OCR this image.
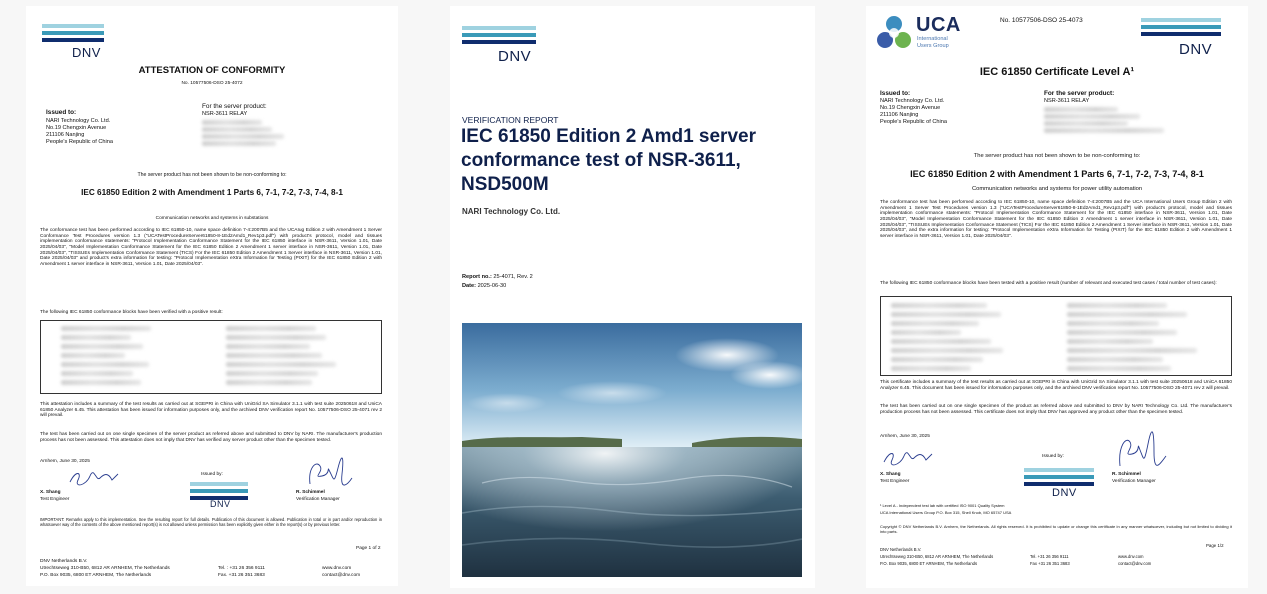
DNV
ATTESTATION OF CONFORMITY
No. 10577506-DSO 25-4072
Issued to:
NARI Technology Co. Ltd.
No.19 Chengxin Avenue
211106 Nanjing
People's Republic of China
For the server product:
NSR-3611 RELAY
The server product has not been shown to be non-conforming to:
IEC 61850 Edition 2 with Amendment 1 Parts 6, 7-1, 7-2, 7-3, 7-4, 8-1
Communication networks and systems in substations
The conformance test has been performed according to IEC 61850-10, name space definition 7-4:2007B5 and the UCAIug Edition 2 with Amendment 1 Server Conformance Test Procedures version 1.3 ("UCATestProcedureServer61850-8-1Ed2Amd1_Rev1p3.pdf") with product's protocol, model and tissues implementation conformance statements: "Protocol Implementation Conformance Statement for the IEC 61850 interface in NSR-3611, Version 1.01, Date 2025/04/03", "Model Implementation Conformance Statement for the IEC 61850 Edition 2 Amendment 1 server interface in NSR-3611, Version 1.01, Date 2025/04/03", "TISSUEs Implementation Conformance Statement (TICS) For the IEC 61850 Edition 2 Amendment 1 Server interface in NSR-3611, Version 1.01, Date 2025/04/03" and product's extra information for testing: "Protocol Implementation eXtra Information for Testing (PIXIT) for the IEC 61850 Edition 2 with Amendment 1 server interface in NSR-3611, Version 1.01, Date 2025/04/03".
The following IEC 61850 conformance blocks have been verified with a positive result:
This attestation includes a summary of the test results as carried out at SGEPRI in China with UniGrid SA Simulator 3.1.1 with test suite 20250618 and UniCA 61850 Analyzer 6.45. This attestation has been issued for information purposes only, and the archived DNV verification report No. 10577506-DSO 25-4071 rev 2 will prevail.
The test has been carried out on one single specimen of the server product as referred above and submitted to DNV by NARI. The manufacturer's production process has not been assessed. This attestation does not imply that DNV has verified any server product other than the specimen tested.
Arnhem, June 30, 2025
X. Shang
Test Engineer
Issued by:
DNV
R. Schimmel
Verification Manager
IMPORTANT: Remarks apply to this implementation. See the resulting report for full details. Publication of this document is allowed. Publication in total or in part and/or reproduction in whatsoever way of the contents of the above mentioned report(s) is not allowed unless permission has been explicitly given either in the report(s) or by previous letter.
Page 1 of 2
DNV Netherlands B.V.
Utrechtseweg 310-B50, 6812 AR ARNHEM, The Netherlands
P.O. Box 9035, 6800 ET ARNHEM, The Netherlands
Tel. : +31 26 356 9111
Fax. +31 26 351 3683
www.dnv.com
contact@dnv.com
DNV
VERIFICATION REPORT
IEC 61850 Edition 2 Amd1 server
conformance test of NSR-3611,
NSD500M
NARI Technology Co. Ltd.
Report no.: 25-4071, Rev. 2
Date: 2025-06-30
UCA
International
Users Group
No. 10577506-DSO 25-4073
DNV
IEC 61850 Certificate Level A¹
Issued to:
NARI Technology Co. Ltd.
No.19 Chengxin Avenue
211106 Nanjing
People's Republic of China
For the server product:
NSR-3611 RELAY
The server product has not been shown to be non-conforming to:
IEC 61850 Edition 2 with Amendment 1 Parts 6, 7-1, 7-2, 7-3, 7-4, 8-1
Communication networks and systems for power utility automation
The conformance test has been performed according to IEC 61850-10, name space definition 7-4:2007B5 and the UCA International Users Group Edition 2 with Amendment 1 Server Test Procedures version 1.3 ("UCATestProcedureServer61850-8-1Ed2Amd1_Rev1p3.pdf") with product's protocol, model and tissues implementation conformance statements: "Protocol Implementation Conformance Statement for the IEC 61850 interface in NSR-3611, Version 1.01, Date 2025/04/03", "Model Implementation Conformance Statement for the IEC 61850 Edition 2 Amendment 1 server interface in NSR-3611, Version 1.01, Date 2025/04/03", "TISSUEs Implementation Conformance Statement (TICS) For the IEC 61850 Edition 2 Amendment 1 Server interface in NSR-3611, Version 1.01, Date 2025/04/03", and the extra information for testing: "Protocol Implementation eXtra Information for Testing (PIXIT) for the IEC 61850 Edition 2 with Amendment 1 server interface in NSR-3611, Version 1.01, Date 2025/04/03".
The following IEC 61850 conformance blocks have been tested with a positive result (number of relevant and executed test cases / total number of test cases):
This certificate includes a summary of the test results as carried out at SGEPRI in China with UniGrid SA Simulator 3.1.1 with test suite 20250618 and UniCA 61850 Analyzer 6.45. This document has been issued for information purposes only, and the archived DNV verification report No. 10577506-DSO 25-4071 rev 2 will prevail.
The test has been carried out on one single specimen of the product as referred above and submitted to DNV by NARI Technology Co. Ltd. The manufacturer's production process has not been assessed. This certificate does not imply that DNV has approved any product other than the specimen tested.
Arnhem, June 30, 2025
X. Shang
Test Engineer
Issued by:
DNV
R. Schimmel
Verification Manager
¹ Level A - Independent test lab with certified ISO 9001 Quality System
UCA International Users Group P.O. Box 315, Shell Knob, MO 65747 USA
Copyright © DNV Netherlands B.V. Arnhem, the Netherlands. All rights reserved. It is prohibited to update or change this certificate in any manner whatsoever, including but not limited to dividing it into parts.
DNV Netherlands B.V.
Utrechtseweg 310-B50, 6812 AR ARNHEM, The Netherlands
P.O. Box 9035, 6800 ET ARNHEM, The Netherlands
Tel. +31 26 356 9111
Fax +31 26 351 3683
www.dnv.com
contact@dnv.com
Page 1/2
